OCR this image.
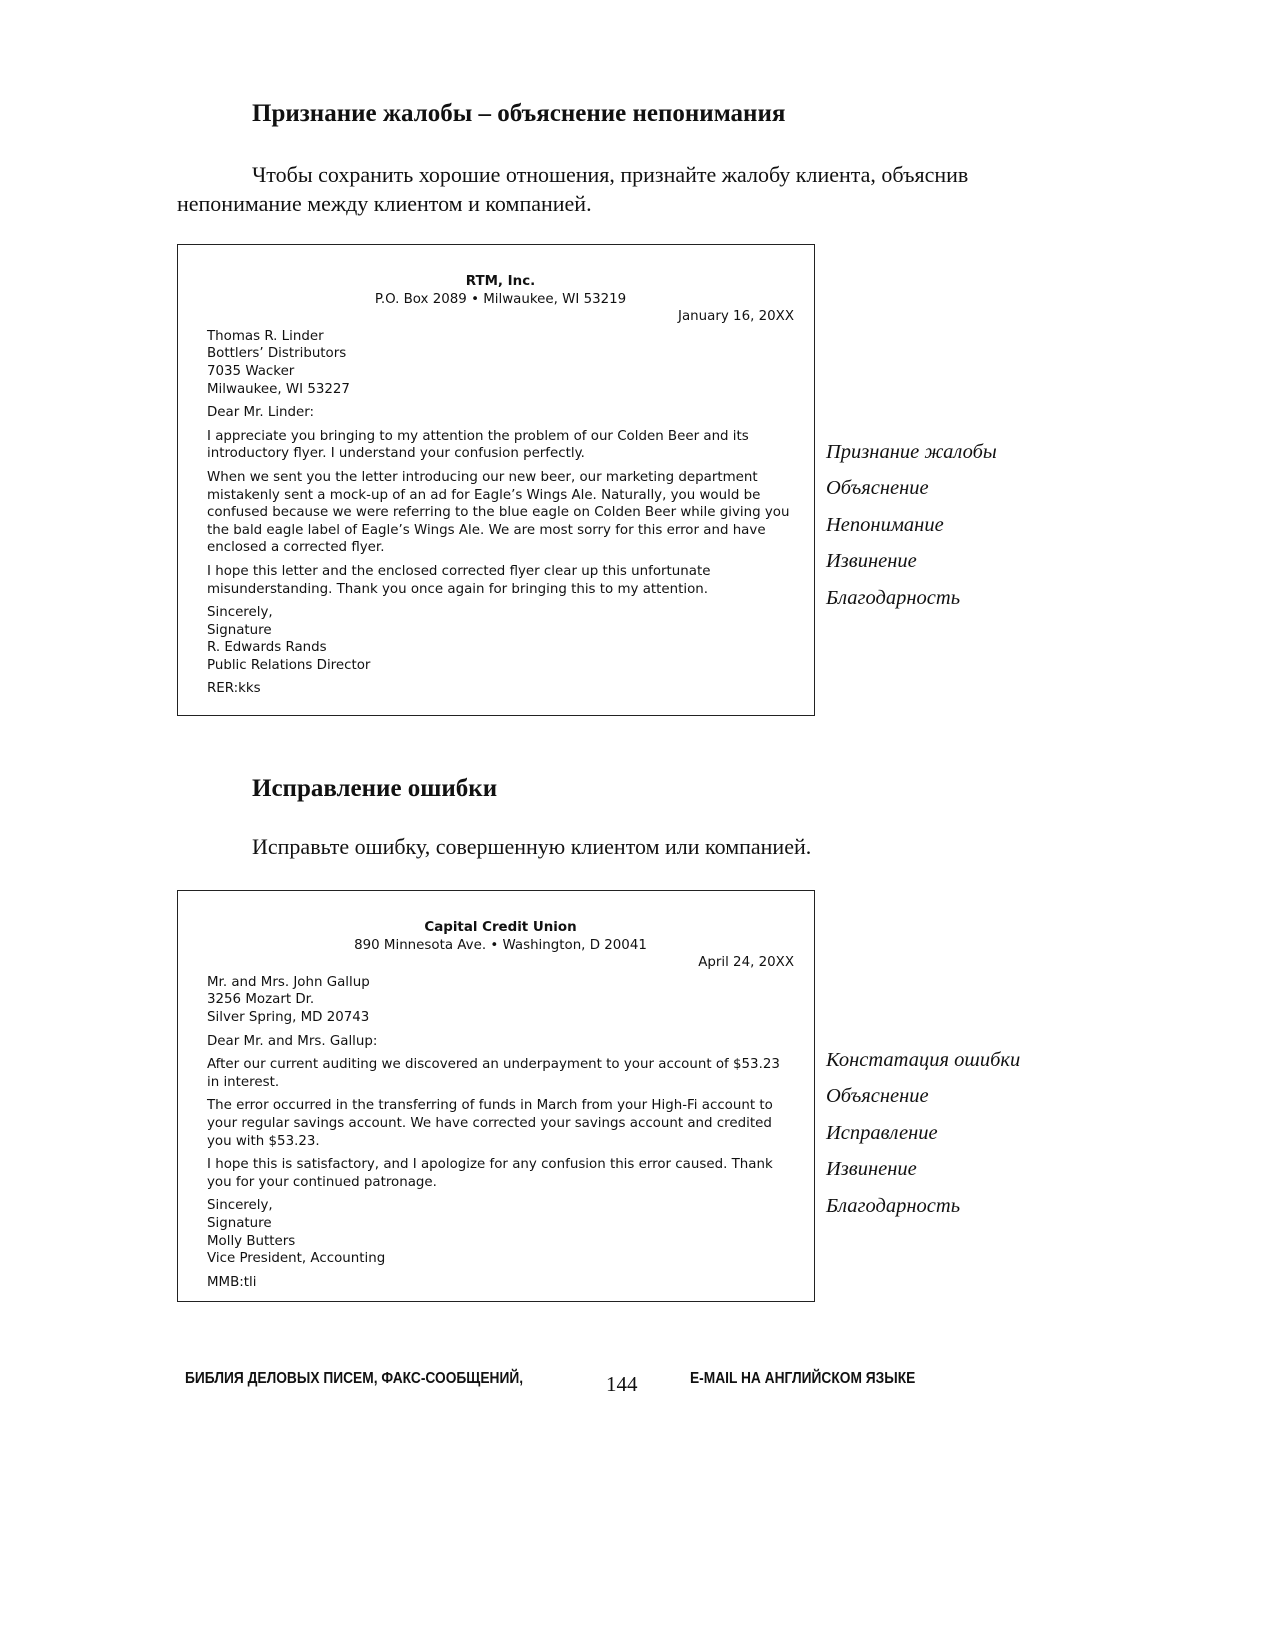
Признание жалобы – объяснение непонимания

Чтобы сохранить хорошие отношения, признайте жалобу клиента, объяснив непонимание между клиентом и компанией.

RTM, Inc.
P.O. Box 2089 • Milwaukee, WI 53219
January 16, 20XX
Thomas R. Linder
Bottlers’ Distributors
7035 Wacker
Milwaukee, WI 53227
Dear Mr. Linder:
I appreciate you bringing to my attention the problem of our Colden Beer and its introductory flyer. I understand your confusion perfectly.
When we sent you the letter introducing our new beer, our marketing department mistakenly sent a mock-up of an ad for Eagle’s Wings Ale. Naturally, you would be confused because we were referring to the blue eagle on Colden Beer while giving you the bald eagle label of Eagle’s Wings Ale. We are most sorry for this error and have enclosed a corrected flyer.
I hope this letter and the enclosed corrected flyer clear up this unfortunate misunderstanding. Thank you once again for bringing this to my attention.
Sincerely,
Signature
R. Edwards Rands
Public Relations Director
RER:kks
Признание жалобы
Объяснение
Непонимание
Извинение
Благодарность
Исправление ошибки

Исправьте ошибку, совершенную клиентом или компанией.

Capital Credit Union
890 Minnesota Ave. • Washington, D 20041
April 24, 20XX
Mr. and Mrs. John Gallup
3256 Mozart Dr.
Silver Spring, MD 20743
Dear Mr. and Mrs. Gallup:
After our current auditing we discovered an underpayment to your account of $53.23 in interest.
The error occurred in the transferring of funds in March from your High-Fi account to your regular savings account. We have corrected your savings account and credited you with $53.23.
I hope this is satisfactory, and I apologize for any confusion this error caused. Thank you for your continued patronage.
Sincerely,
Signature
Molly Butters
Vice President, Accounting
MMB:tli
Констатация ошибки
Объяснение
Исправление
Извинение
Благодарность
БИБЛИЯ ДЕЛОВЫХ ПИСЕМ, ФАКС-СООБЩЕНИЙ,	144	E-MAIL НА АНГЛИЙСКОМ ЯЗЫКЕ
